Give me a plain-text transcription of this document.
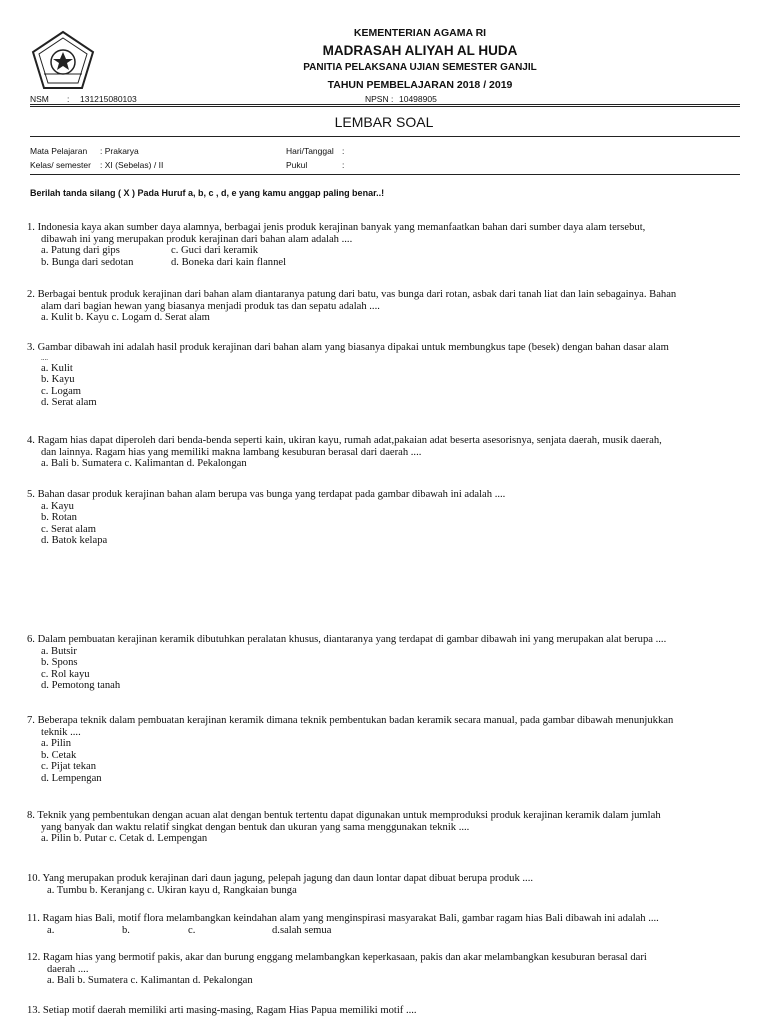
KEMENTERIAN AGAMA RI
MADRASAH ALIYAH AL HUDA
PANITIA PELAKSANA UJIAN SEMESTER GANJIL
TAHUN PEMBELAJARAN 2018 / 2019
NSM : 131215080103	NPSN : 10498905
LEMBAR SOAL
Mata Pelajaran : Prakarya
Kelas/ semester : XI (Sebelas) / II
Hari/Tanggal :
Pukul	:
Berilah tanda silang ( X ) Pada Huruf a, b, c , d, e yang kamu anggap paling benar..!
1. Indonesia kaya akan sumber daya alamnya, berbagai jenis produk kerajinan banyak yang memanfaatkan bahan dari sumber daya alam tersebut,
dibawah ini yang merupakan produk kerajinan dari bahan alam adalah ....
a. Patung dari gips	c. Guci dari keramik
b. Bunga dari sedotan	d. Boneka dari kain flannel
2. Berbagai bentuk produk kerajinan dari bahan alam diantaranya patung dari batu, vas bunga dari rotan, asbak dari tanah liat dan lain sebagainya. Bahan
alam dari bagian hewan yang biasanya menjadi produk tas dan sepatu adalah ....
a. Kulit b. Kayu c. Logam d. Serat alam
3. Gambar dibawah ini adalah hasil produk kerajinan dari bahan alam yang biasanya dipakai untuk membungkus tape (besek) dengan bahan dasar alam
....
a. Kulit
b. Kayu
c. Logam
d. Serat alam
4. Ragam hias dapat diperoleh dari benda-benda seperti kain, ukiran kayu, rumah adat,pakaian adat beserta asesorisnya, senjata daerah, musik daerah,
dan lainnya. Ragam hias yang memiliki makna lambang kesuburan berasal dari daerah ....
a. Bali b. Sumatera c. Kalimantan d. Pekalongan
5. Bahan dasar produk kerajinan bahan alam berupa vas bunga yang terdapat pada gambar dibawah ini adalah ....
a. Kayu
b. Rotan
c. Serat alam
d. Batok kelapa
6. Dalam pembuatan kerajinan keramik dibutuhkan peralatan khusus, diantaranya yang terdapat di gambar dibawah ini yang merupakan alat berupa ....
a. Butsir
b. Spons
c. Rol kayu
d. Pemotong tanah
7. Beberapa teknik dalam pembuatan kerajinan keramik dimana teknik pembentukan badan keramik secara manual, pada gambar dibawah menunjukkan
teknik ....
a. Pilin
b. Cetak
c. Pijat tekan
d. Lempengan
8. Teknik yang pembentukan dengan acuan alat dengan bentuk tertentu dapat digunakan untuk memproduksi produk kerajinan keramik dalam jumlah
yang banyak dan waktu relatif singkat dengan bentuk dan ukuran yang sama menggunakan teknik ....
a. Pilin b. Putar c. Cetak d. Lempengan
10. Yang merupakan produk kerajinan dari daun jagung, pelepah jagung dan daun lontar dapat dibuat berupa produk ....
a. Tumbu b. Keranjang c. Ukiran kayu d, Rangkaian bunga
11. Ragam hias Bali, motif flora melambangkan keindahan alam yang menginspirasi masyarakat Bali, gambar ragam hias Bali dibawah ini adalah ....
a.	b.	c.	d.salah semua
12. Ragam hias yang bermotif pakis, akar dan burung enggang melambangkan keperkasaan, pakis dan akar melambangkan kesuburan berasal dari
daerah ....
a. Bali b. Sumatera c. Kalimantan d. Pekalongan
13. Setiap motif daerah memiliki arti masing-masing, Ragam Hias Papua memiliki motif ....
